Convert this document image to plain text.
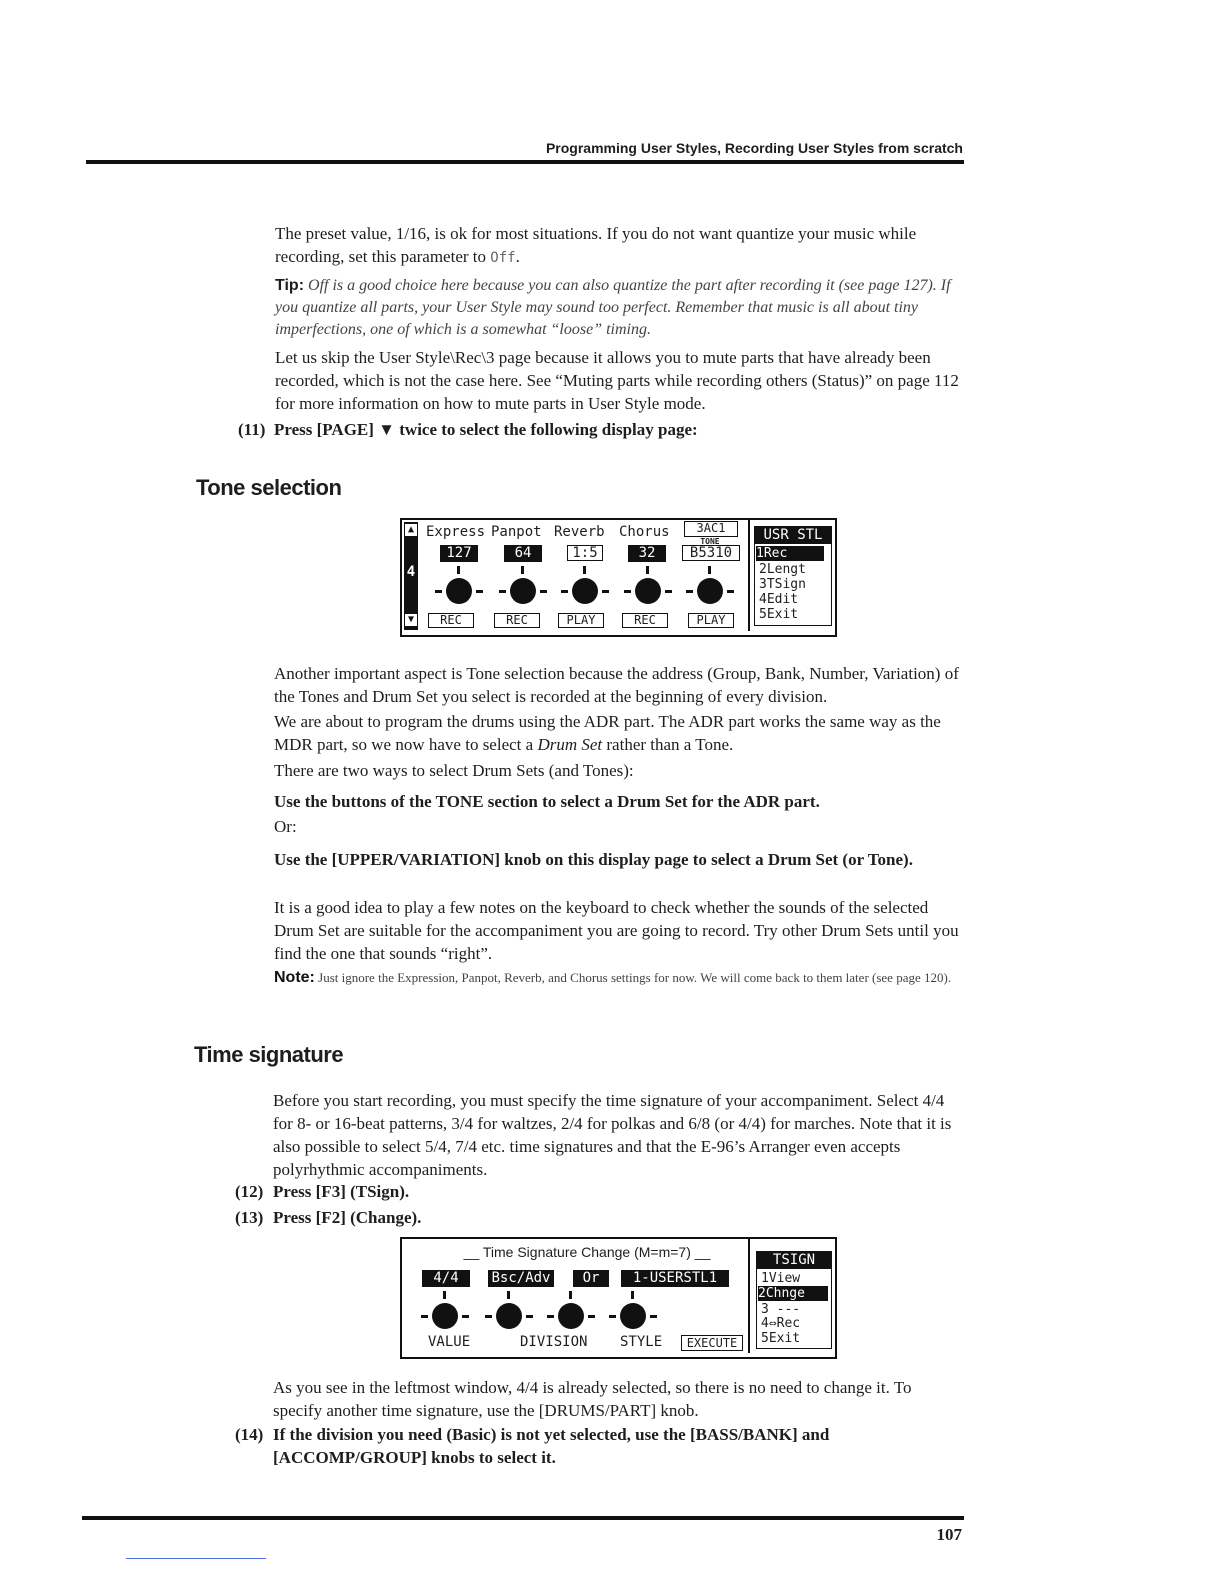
Programming User Styles, Recording User Styles from scratch
The preset value, 1/16, is ok for most situations. If you do not want quantize your music while recording, set this parameter to Off.
Tip: Off is a good choice here because you can also quantize the part after recording it (see page 127). If you quantize all parts, your User Style may sound too perfect. Remember that music is all about tiny imperfections, one of which is a somewhat “loose” timing.
Let us skip the User Style\Rec\3 page because it allows you to mute parts that have already been recorded, which is not the case here. See “Muting parts while recording others (Status)” on page 112 for more information on how to mute parts in User Style mode.
(11) Press [PAGE] ▼ twice to select the following display page:
Tone selection
▲
4
▼
Express Panpot Reverb Chorus	3AC1
TONE
127	64	1:5	32	B5310
REC	REC	PLAY	REC	PLAY
USR STL
1Rec
2Lengt
3TSign
4Edit
5Exit
Another important aspect is Tone selection because the address (Group, Bank, Number, Variation) of the Tones and Drum Set you select is recorded at the beginning of every division.
We are about to program the drums using the ADR part. The ADR part works the same way as the MDR part, so we now have to select a Drum Set rather than a Tone.
There are two ways to select Drum Sets (and Tones):
Use the buttons of the TONE section to select a Drum Set for the ADR part.
Or:
Use the [UPPER/VARIATION] knob on this display page to select a Drum Set (or Tone).
It is a good idea to play a few notes on the keyboard to check whether the sounds of the selected Drum Set are suitable for the accompaniment you are going to record. Try other Drum Sets until you find the one that sounds “right”.
Note: Just ignore the Expression, Panpot, Reverb, and Chorus settings for now. We will come back to them later (see page 120).
Time signature
Before you start recording, you must specify the time signature of your accompaniment. Select 4/4 for 8- or 16-beat patterns, 3/4 for waltzes, 2/4 for polkas and 6/8 (or 4/4) for marches. Note that it is also possible to select 5/4, 7/4 etc. time signatures and that the E-96’s Arranger even accepts polyrhythmic accompaniments.
(12) Press [F3] (TSign).
(13) Press [F2] (Change).
__ Time Signature Change (M=m=7) __
4/4	Bsc/Adv	Or	1-USERSTL1
VALUE	DIVISION STYLE	EXECUTE
TSIGN
1View
2Chnge
3 ---
4⇔Rec
5Exit
As you see in the leftmost window, 4/4 is already selected, so there is no need to change it. To specify another time signature, use the [DRUMS/PART] knob.
(14) If the division you need (Basic) is not yet selected, use the [BASS/BANK] and [ACCOMP/GROUP] knobs to select it.
107
